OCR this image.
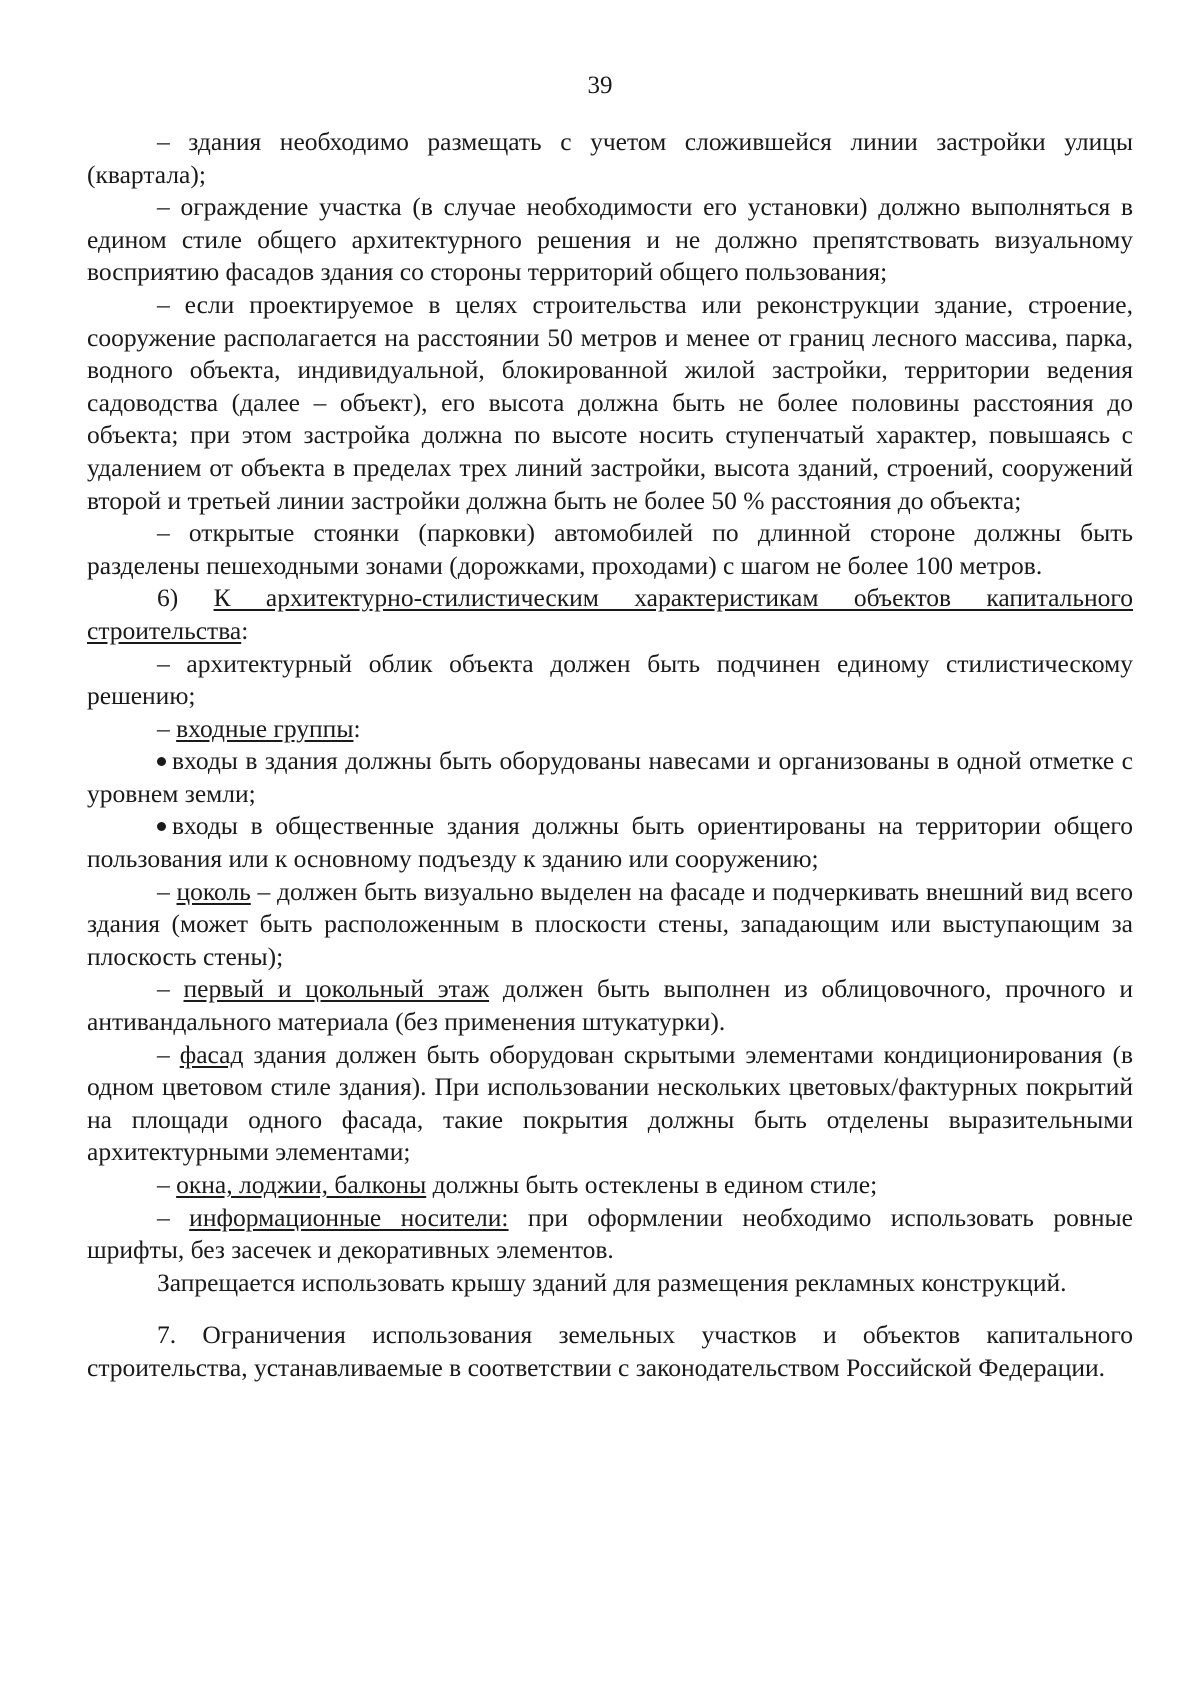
39

– здания необходимо размещать с учетом сложившейся линии застройки улицы (квартала);

– ограждение участка (в случае необходимости его установки) должно выполняться в едином стиле общего архитектурного решения и не должно препятствовать визуальному восприятию фасадов здания со стороны территорий общего пользования;

– если проектируемое в целях строительства или реконструкции здание, строение, сооружение располагается на расстоянии 50 метров и менее от границ лесного массива, парка, водного объекта, индивидуальной, блокированной жилой застройки, территории ведения садоводства (далее – объект), его высота должна быть не более половины расстояния до объекта; при этом застройка должна по высоте носить ступенчатый характер, повышаясь с удалением от объекта в пределах трех линий застройки, высота зданий, строений, сооружений второй и третьей линии застройки должна быть не более 50 % расстояния до объекта;

– открытые стоянки (парковки) автомобилей по длинной стороне должны быть разделены пешеходными зонами (дорожками, проходами) с шагом не более 100 метров.

6) К архитектурно-стилистическим характеристикам объектов капитального строительства:

– архитектурный облик объекта должен быть подчинен единому стилистическому решению;

– входные группы:

входы в здания должны быть оборудованы навесами и организованы в одной отметке с уровнем земли;

входы в общественные здания должны быть ориентированы на территории общего пользования или к основному подъезду к зданию или сооружению;

– цоколь – должен быть визуально выделен на фасаде и подчеркивать внешний вид всего здания (может быть расположенным в плоскости стены, западающим или выступающим за плоскость стены);

– первый и цокольный этаж должен быть выполнен из облицовочного, прочного и антивандального материала (без применения штукатурки).

– фасад здания должен быть оборудован скрытыми элементами кондиционирования (в одном цветовом стиле здания). При использовании нескольких цветовых/фактурных покрытий на площади одного фасада, такие покрытия должны быть отделены выразительными архитектурными элементами;

– окна, лоджии, балконы должны быть остеклены в едином стиле;

– информационные носители: при оформлении необходимо использовать ровные шрифты, без засечек и декоративных элементов.

Запрещается использовать крышу зданий для размещения рекламных конструкций.

7. Ограничения использования земельных участков и объектов капитального строительства, устанавливаемые в соответствии с законодательством Российской Федерации.
